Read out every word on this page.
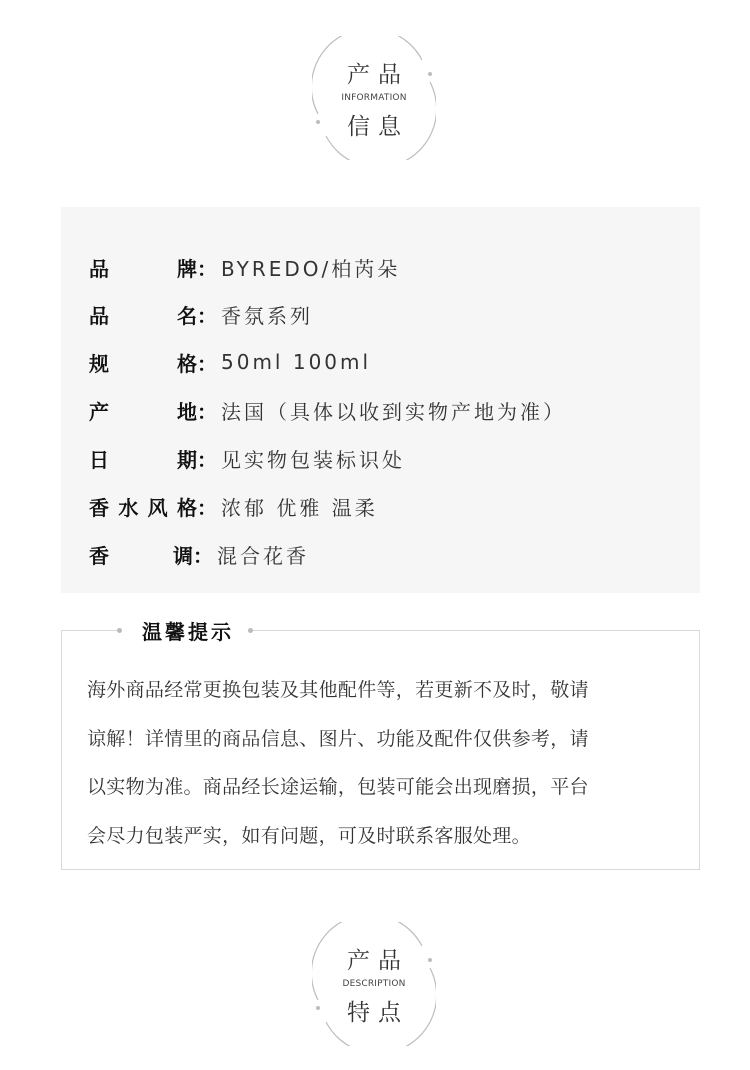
产品
INFORMATION
信息
品	牌 ： BYREDO/柏芮朵
品	名 ： 香氛系列
规	格 ： 50ml 100ml
产	地 ： 法国（具体以收到实物产地为准）
日	期 ： 见实物包装标识处
香 水 风 格 ： 浓郁 优雅 温柔
香	调 ： 混合花香
温馨提示
海外商品经常更换包装及其他配件等，若更新不及时，敬请
谅解！详情里的商品信息、图片、功能及配件仅供参考，请
以实物为准。商品经长途运输，包装可能会出现磨损，平台
会尽力包装严实，如有问题，可及时联系客服处理。
产品
DESCRIPTION
特点
